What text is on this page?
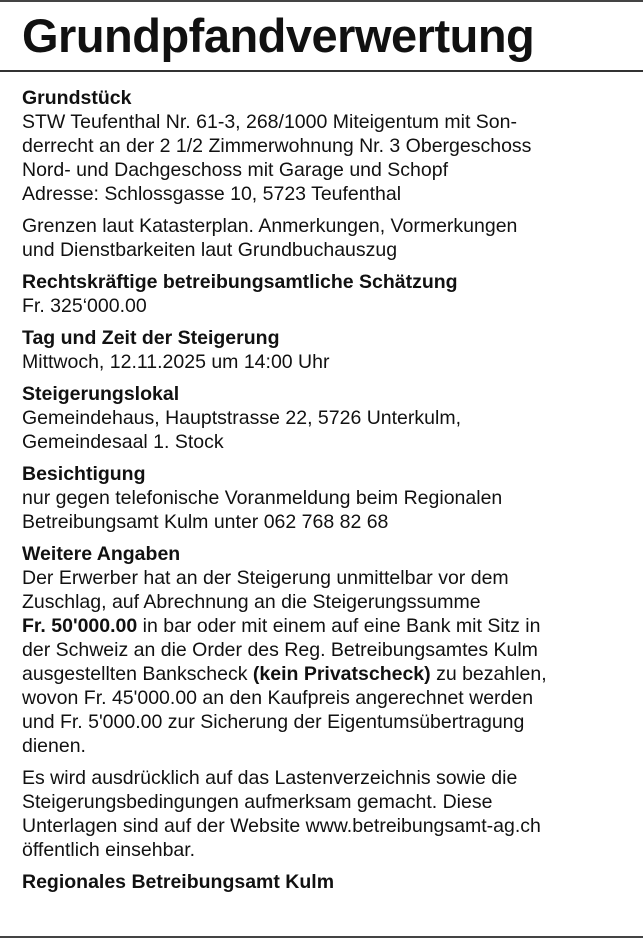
Grundpfandverwertung
Grundstück
STW Teufenthal Nr. 61-3, 268/1000 Miteigentum mit Son-
derrecht an der 2 1/2 Zimmerwohnung Nr. 3 Obergeschoss
Nord- und Dachgeschoss mit Garage und Schopf
Adresse: Schlossgasse 10, 5723 Teufenthal
Grenzen laut Katasterplan. Anmerkungen, Vormerkungen
und Dienstbarkeiten laut Grundbuchauszug
Rechtskräftige betreibungsamtliche Schätzung
Fr. 325‘000.00
Tag und Zeit der Steigerung
Mittwoch, 12.11.2025 um 14:00 Uhr
Steigerungslokal
Gemeindehaus, Hauptstrasse 22, 5726 Unterkulm,
Gemeindesaal 1. Stock
Besichtigung
nur gegen telefonische Voranmeldung beim Regionalen
Betreibungsamt Kulm unter 062 768 82 68
Weitere Angaben
Der Erwerber hat an der Steigerung unmittelbar vor dem
Zuschlag, auf Abrechnung an die Steigerungssumme
Fr. 50'000.00 in bar oder mit einem auf eine Bank mit Sitz in
der Schweiz an die Order des Reg. Betreibungsamtes Kulm
ausgestellten Bankscheck (kein Privatscheck) zu bezahlen,
wovon Fr. 45'000.00 an den Kaufpreis angerechnet werden
und Fr. 5'000.00 zur Sicherung der Eigentumsübertragung
dienen.
Es wird ausdrücklich auf das Lastenverzeichnis sowie die
Steigerungsbedingungen aufmerksam gemacht. Diese
Unterlagen sind auf der Website www.betreibungsamt-ag.ch
öffentlich einsehbar.
Regionales Betreibungsamt Kulm
